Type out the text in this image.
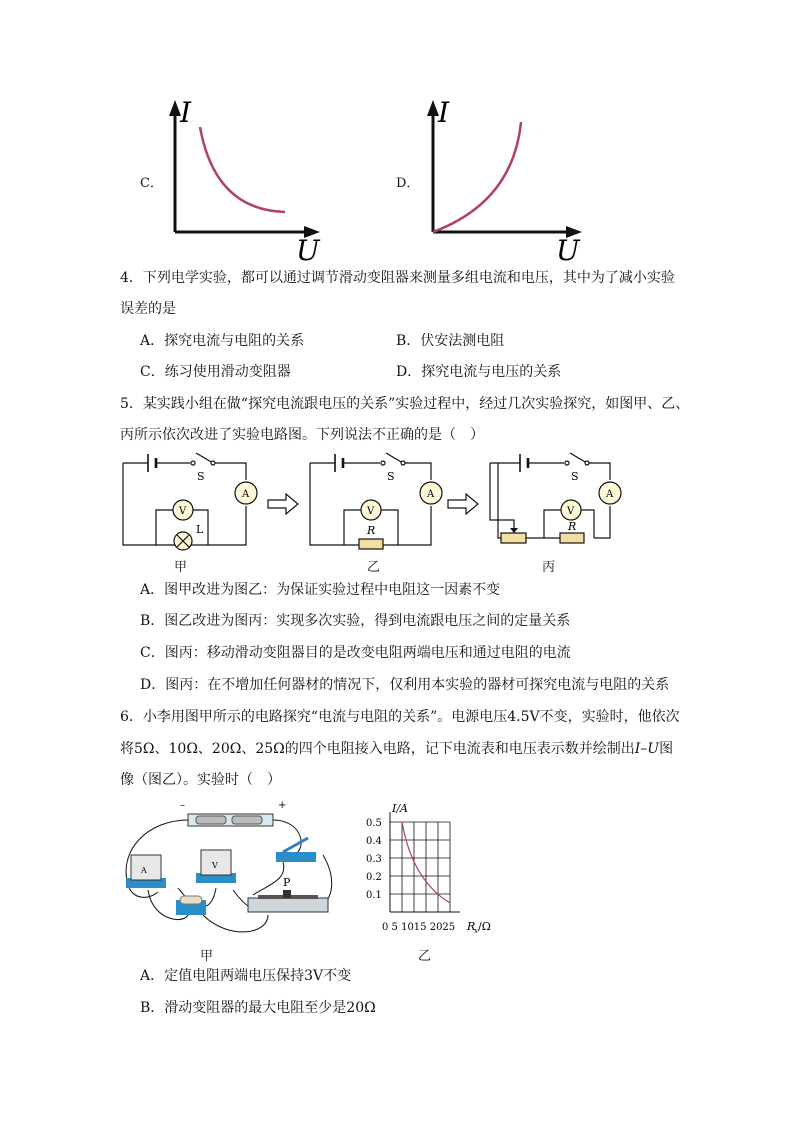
C．
I
U
D．
I
U
4．下列电学实验，都可以通过调节滑动变阻器来测量多组电流和电压，其中为了减小实验
误差的是
A．探究电流与电阻的关系	B．伏安法测电阻
C．练习使用滑动变阻器	D．探究电流与电压的关系
5．某实践小组在做“探究电流跟电压的关系”实验过程中，经过几次实验探究，如图甲、乙、
丙所示依次改进了实验电路图。下列说法不正确的是（　）
S
A
V
L
S
A
V
R
S
A
V
R
甲	乙	丙
A．图甲改进为图乙：为保证实验过程中电阻这一因素不变
B．图乙改进为图丙：实现多次实验，得到电流跟电压之间的定量关系
C．图丙：移动滑动变阻器目的是改变电阻两端电压和通过电阻的电流
D．图丙：在不增加任何器材的情况下，仅利用本实验的器材可探究电流与电阻的关系
6．小李用图甲所示的电路探究“电流与电阻的关系”。电源电压4.5V不变，实验时，他依次
将5Ω、10Ω、20Ω、25Ω的四个电阻接入电路，记下电流表和电压表示数并绘制出I–U图
像（图乙）。实验时（　）
–	+
A
V
P
甲
I/A
0.5
0.4
0.3
0.2
0.1
0 5 1015 2025 R
x /Ω
乙
A．定值电阻两端电压保持3V不变
B．滑动变阻器的最大电阻至少是20Ω
